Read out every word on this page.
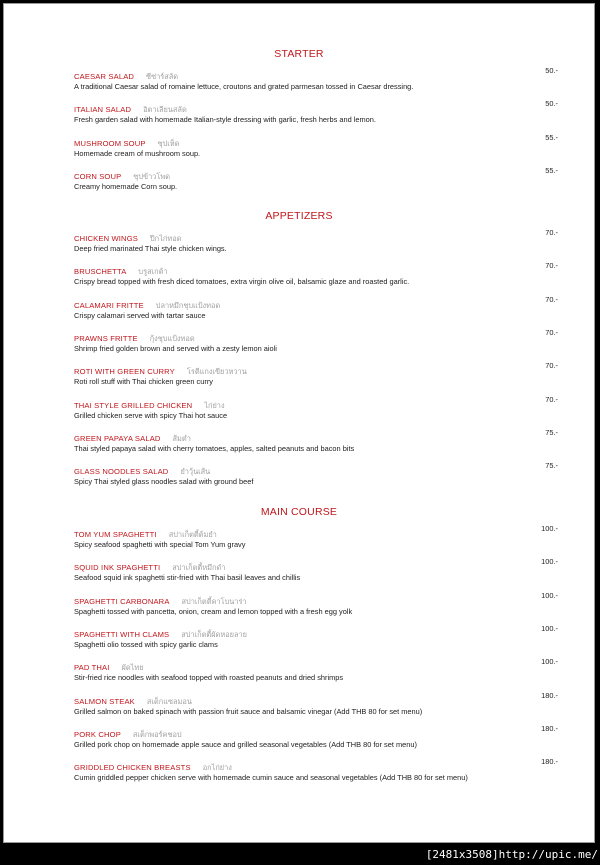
STARTER
CAESAR SALAD ซีซ่าร์สลัด
50.-
A traditional Caesar salad of romaine lettuce, croutons and grated parmesan tossed in Caesar dressing.
ITALIAN SALAD อิตาเลียนสลัด
50.-
Fresh garden salad with homemade Italian-style dressing with garlic, fresh herbs and lemon.
MUSHROOM SOUP ซุปเห็ด
55.-
Homemade cream of mushroom soup.
CORN SOUP ซุปข้าวโพด
55.-
Creamy homemade Corn soup.
APPETIZERS
CHICKEN WINGS ปีกไก่ทอด
70.-
Deep fried marinated Thai style chicken wings.
BRUSCHETTA บรูสเกต้า
70.-
Crispy bread topped with fresh diced tomatoes, extra virgin olive oil, balsamic glaze and roasted garlic.
CALAMARI FRITTE ปลาหมึกชุบแป้งทอด
70.-
Crispy calamari served with tartar sauce
PRAWNS FRITTE กุ้งชุบแป้งทอด
70.-
Shrimp fried golden brown and served with a zesty lemon aioli
ROTI WITH GREEN CURRY โรตีแกงเขียวหวาน
70.-
Roti roll stuff with Thai chicken green curry
THAI STYLE GRILLED CHICKEN ไก่ย่าง
70.-
Grilled chicken serve with spicy Thai hot sauce
GREEN PAPAYA SALAD ส้มตำ
75.-
Thai styled papaya salad with cherry tomatoes, apples, salted peanuts and bacon bits
GLASS NOODLES SALAD ยำวุ้นเส้น
75.-
Spicy Thai styled glass noodles salad with ground beef
MAIN COURSE
TOM YUM SPAGHETTI สปาเก็ตตี้ต้มยำ
100.-
Spicy seafood spaghetti with special Tom Yum gravy
SQUID INK SPAGHETTI สปาเก็ตตี้หมึกดำ
100.-
Seafood squid ink spaghetti stir-fried with Thai basil leaves and chillis
SPAGHETTI CARBONARA สปาเก็ตตี้คาโบนาร่า
100.-
Spaghetti tossed with pancetta, onion, cream and lemon topped with a fresh egg yolk
SPAGHETTI WITH CLAMS สปาเก็ตตี้ผัดหอยลาย
100.-
Spaghetti olio tossed with spicy garlic clams
PAD THAI ผัดไทย
100.-
Stir-fried rice noodles with seafood topped with roasted peanuts and dried shrimps
SALMON STEAK สเต็กแซลมอน
180.-
Grilled salmon on baked spinach with passion fruit sauce and balsamic vinegar (Add THB 80 for set menu)
PORK CHOP สเต็กพอร์คชอป
180.-
Grilled pork chop on homemade apple sauce and grilled seasonal vegetables (Add THB 80 for set menu)
GRIDDLED CHICKEN BREASTS อกไก่ย่าง
180.-
Cumin griddled pepper chicken serve with homemade cumin sauce and seasonal vegetables (Add THB 80 for set menu)
[2481x3508]http://upic.me/
